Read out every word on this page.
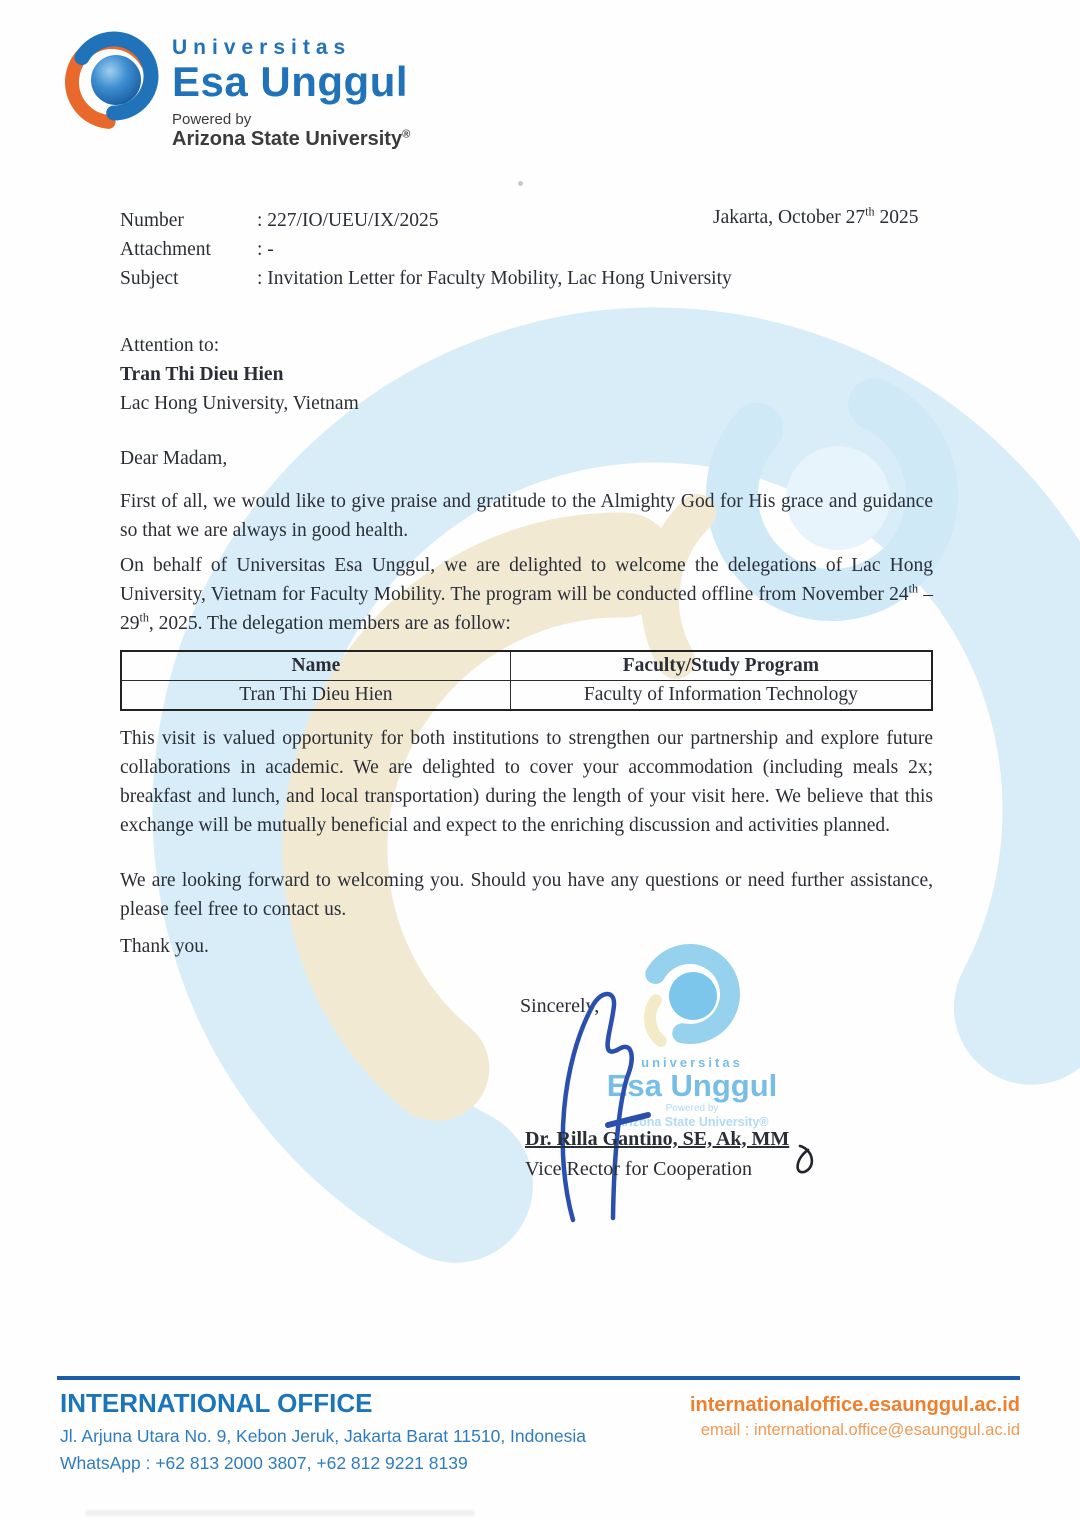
Universitas
Esa Unggul
Powered by
Arizona State University®
Number	: 227/IO/UEU/IX/2025
Attachment	: -
Subject	: Invitation Letter for Faculty Mobility, Lac Hong University
Jakarta, October 27th 2025
Attention to:
Tran Thi Dieu Hien
Lac Hong University, Vietnam
Dear Madam,
First of all, we would like to give praise and gratitude to the Almighty God for His grace and guidance so that we are always in good health.
On behalf of Universitas Esa Unggul, we are delighted to welcome the delegations of Lac Hong University, Vietnam for Faculty Mobility. The program will be conducted offline from November 24th – 29th, 2025. The delegation members are as follow:
Name	Faculty/Study Program
Tran Thi Dieu Hien	Faculty of Information Technology
This visit is valued opportunity for both institutions to strengthen our partnership and explore future collaborations in academic. We are delighted to cover your accommodation (including meals 2x; breakfast and lunch, and local transportation) during the length of your visit here. We believe that this exchange will be mutually beneficial and expect to the enriching discussion and activities planned.
We are looking forward to welcoming you. Should you have any questions or need further assistance, please feel free to contact us.
Thank you.
Sincerely,
universitas
Esa Unggul
Powered by
Arizona State University®
Dr. Rilla Gantino, SE, Ak, MM
Vice Rector for Cooperation
INTERNATIONAL OFFICE
Jl. Arjuna Utara No. 9, Kebon Jeruk, Jakarta Barat 11510, Indonesia
WhatsApp : +62 813 2000 3807, +62 812 9221 8139
internationaloffice.esaunggul.ac.id
email : international.office@esaunggul.ac.id
